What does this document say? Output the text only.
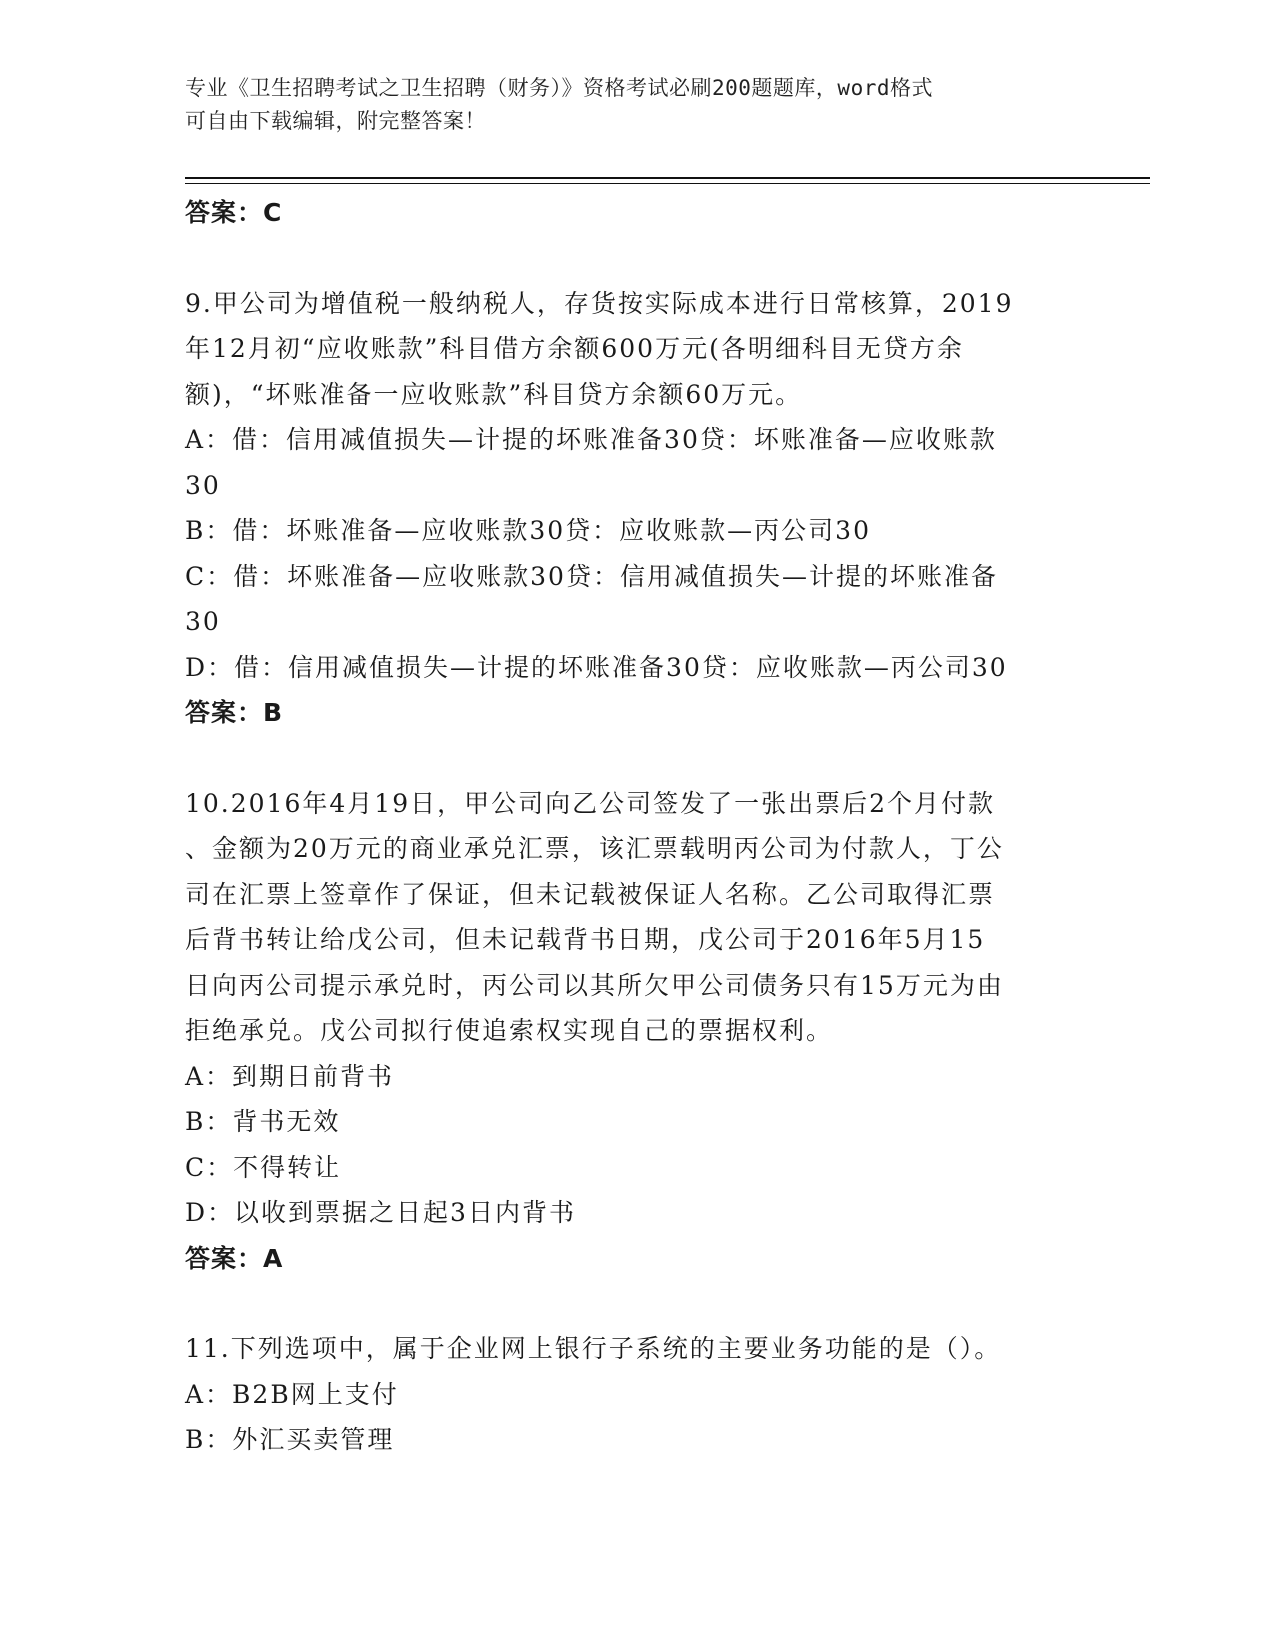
专业《卫生招聘考试之卫生招聘（财务）》资格考试必刷200题题库，word格式
可自由下载编辑，附完整答案！

答案：C

9.甲公司为增值税一般纳税人，存货按实际成本进行日常核算，2019

年12月初“应收账款”科目借方余额600万元(各明细科目无贷方余

额)，“坏账准备一应收账款”科目贷方余额60万元。

A：借：信用减值损失—计提的坏账准备30贷：坏账准备—应收账款

30

B：借：坏账准备—应收账款30贷：应收账款—丙公司30

C：借：坏账准备—应收账款30贷：信用减值损失—计提的坏账准备

30

D：借：信用减值损失—计提的坏账准备30贷：应收账款—丙公司30

答案：B

10.2016年4月19日，甲公司向乙公司签发了一张出票后2个月付款

、金额为20万元的商业承兑汇票，该汇票载明丙公司为付款人，丁公

司在汇票上签章作了保证，但未记载被保证人名称。乙公司取得汇票

后背书转让给戊公司，但未记载背书日期，戊公司于2016年5月15

日向丙公司提示承兑时，丙公司以其所欠甲公司债务只有15万元为由

拒绝承兑。戊公司拟行使追索权实现自己的票据权利。

A：到期日前背书

B：背书无效

C：不得转让

D：以收到票据之日起3日内背书

答案：A

11.下列选项中，属于企业网上银行子系统的主要业务功能的是（）。

A：B2B网上支付

B：外汇买卖管理
